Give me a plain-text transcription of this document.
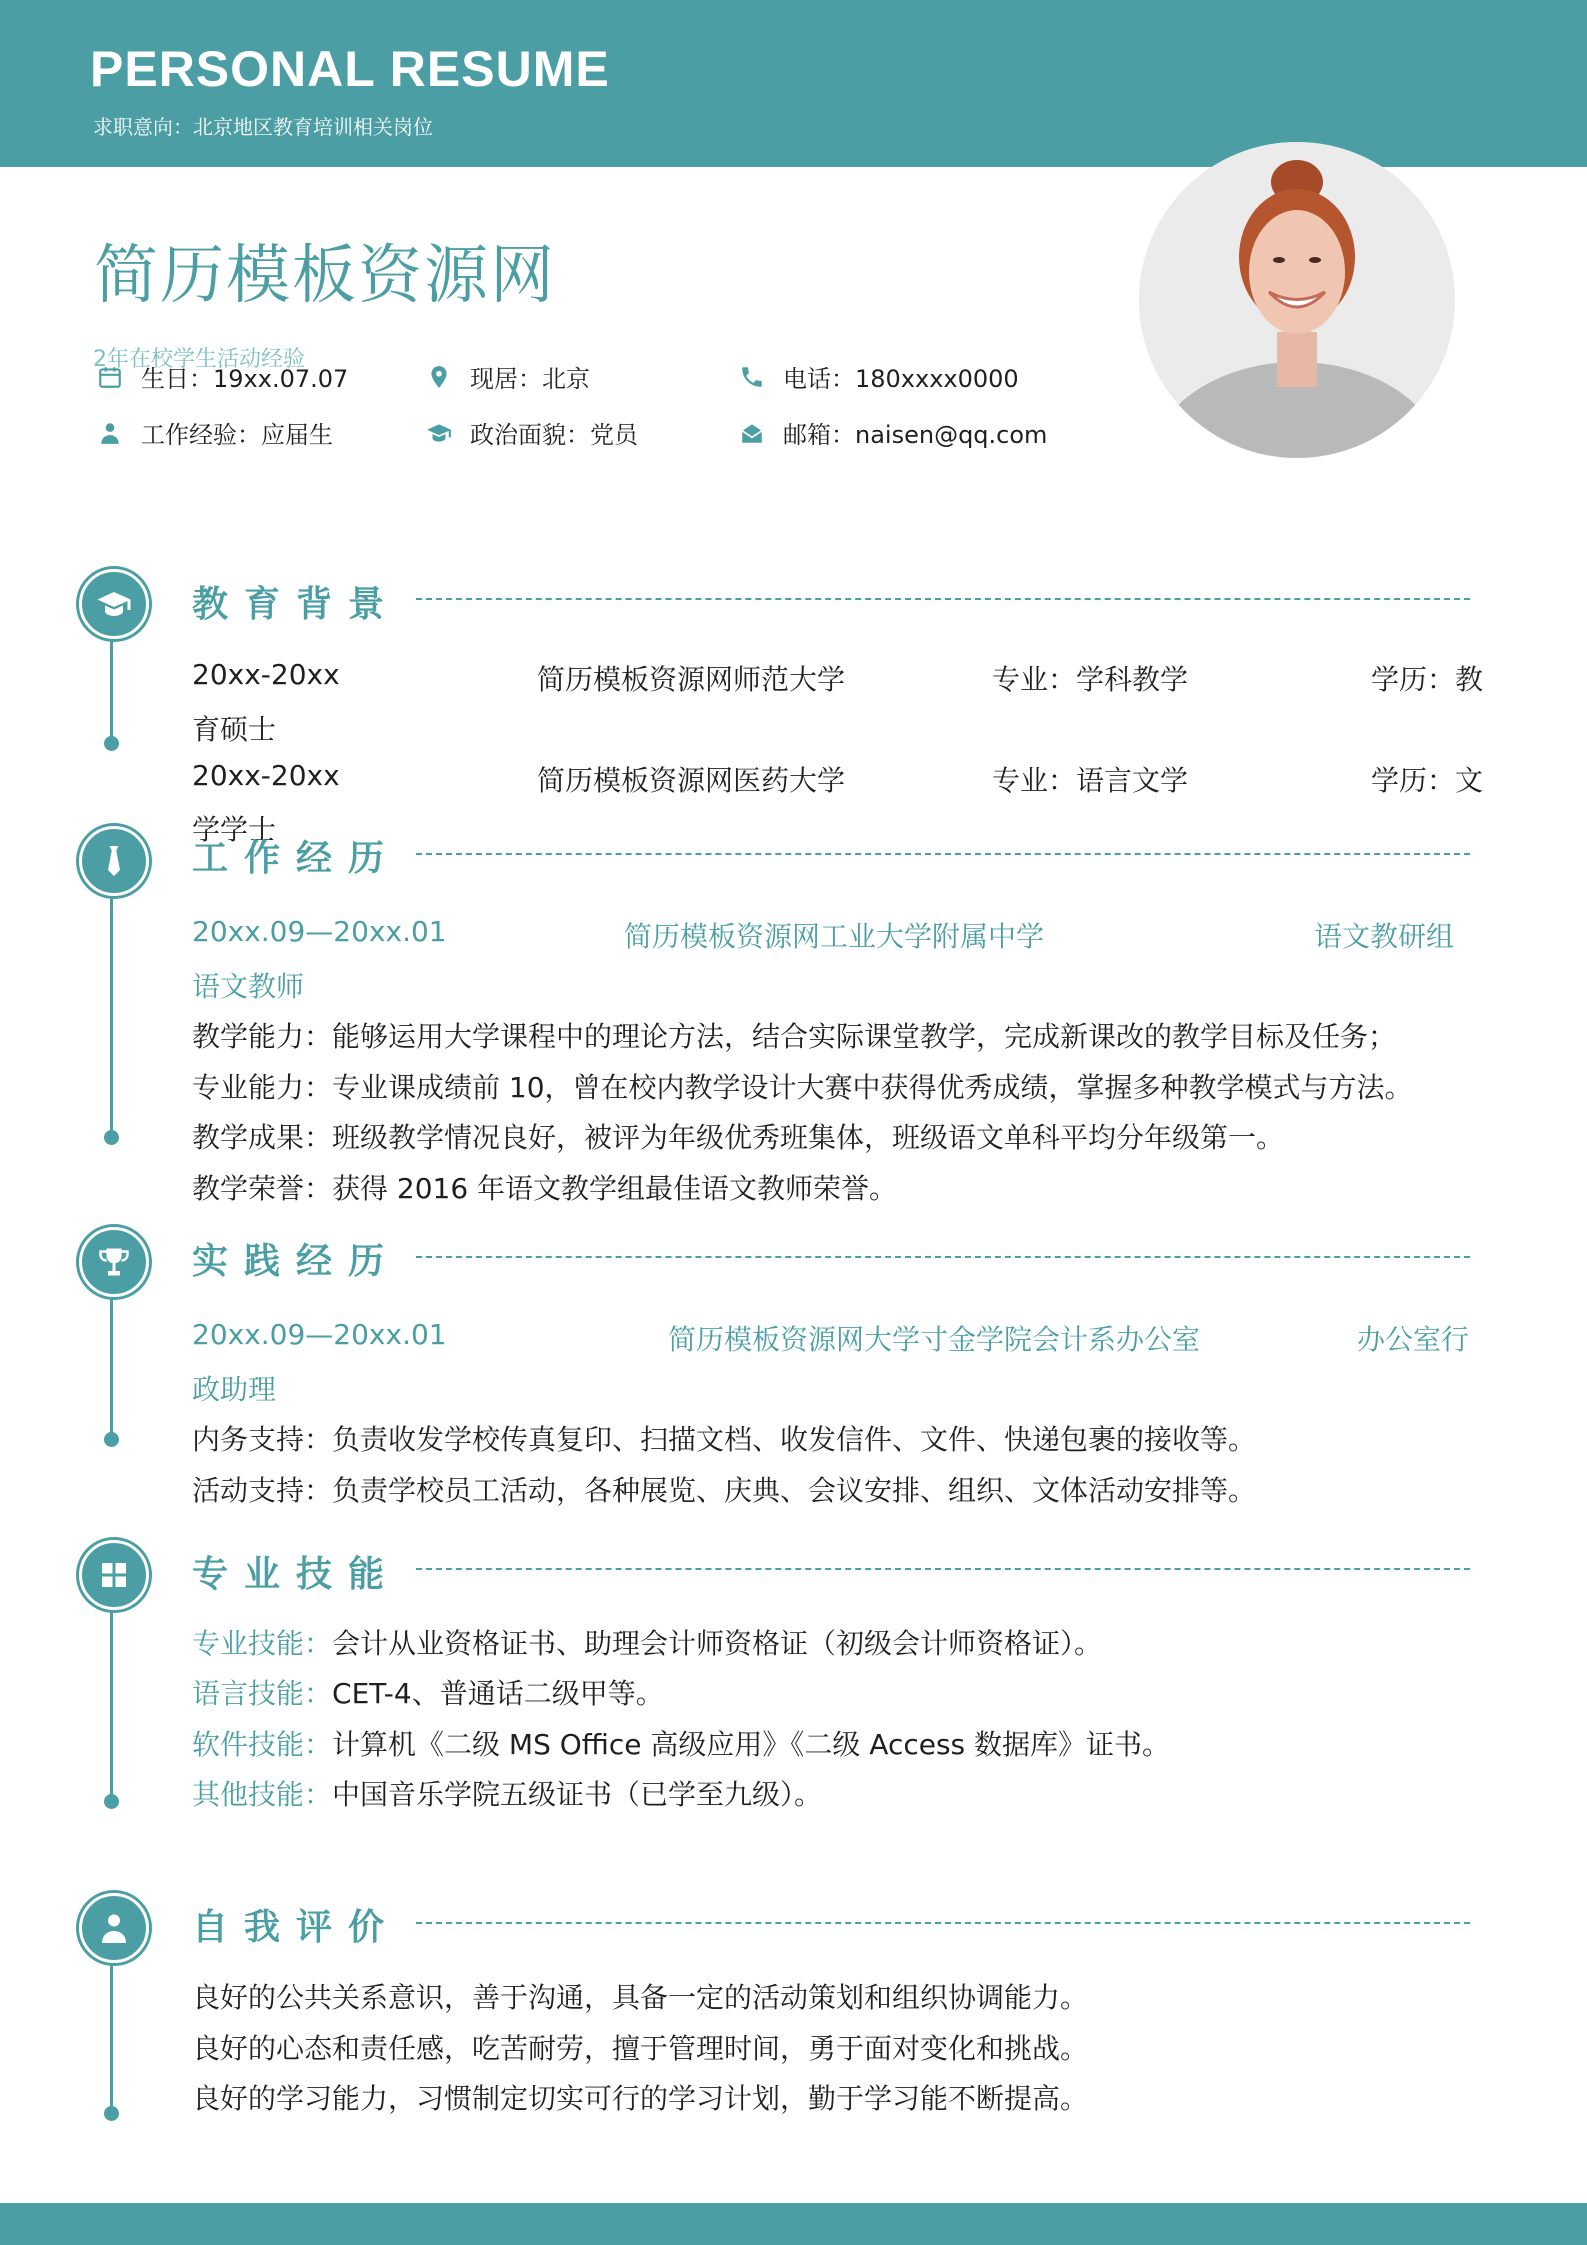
PERSONAL RESUME
求职意向：北京地区教育培训相关岗位
简历模板资源网
2年在校学生活动经验
生日：19xx.07.07	现居：北京	电话：180xxxx0000
工作经验：应届生	政治面貌：党员	邮箱：naisen@qq.com
教育背景
20xx-20xx	简历模板资源网师范大学	专业：学科教学	学历：教
育硕士
20xx-20xx	简历模板资源网医药大学	专业：语言文学	学历：文
学学士
工作经历
20xx.09—20xx.01	简历模板资源网工业大学附属中学	语文教研组
语文教师
教学能力：能够运用大学课程中的理论方法，结合实际课堂教学，完成新课改的教学目标及任务；
专业能力：专业课成绩前 10，曾在校内教学设计大赛中获得优秀成绩，掌握多种教学模式与方法。
教学成果：班级教学情况良好，被评为年级优秀班集体，班级语文单科平均分年级第一。
教学荣誉：获得 2016 年语文教学组最佳语文教师荣誉。
实践经历
20xx.09—20xx.01	简历模板资源网大学寸金学院会计系办公室	办公室行
政助理
内务支持：负责收发学校传真复印、扫描文档、收发信件、文件、快递包裹的接收等。
活动支持：负责学校员工活动，各种展览、庆典、会议安排、组织、文体活动安排等。
专业技能
专业技能：会计从业资格证书、助理会计师资格证（初级会计师资格证）。
语言技能：CET-4、普通话二级甲等。
软件技能：计算机《二级 MS Office 高级应用》《二级 Access 数据库》证书。
其他技能：中国音乐学院五级证书（已学至九级）。
自我评价
良好的公共关系意识，善于沟通，具备一定的活动策划和组织协调能力。
良好的心态和责任感，吃苦耐劳，擅于管理时间，勇于面对变化和挑战。
良好的学习能力，习惯制定切实可行的学习计划，勤于学习能不断提高。
